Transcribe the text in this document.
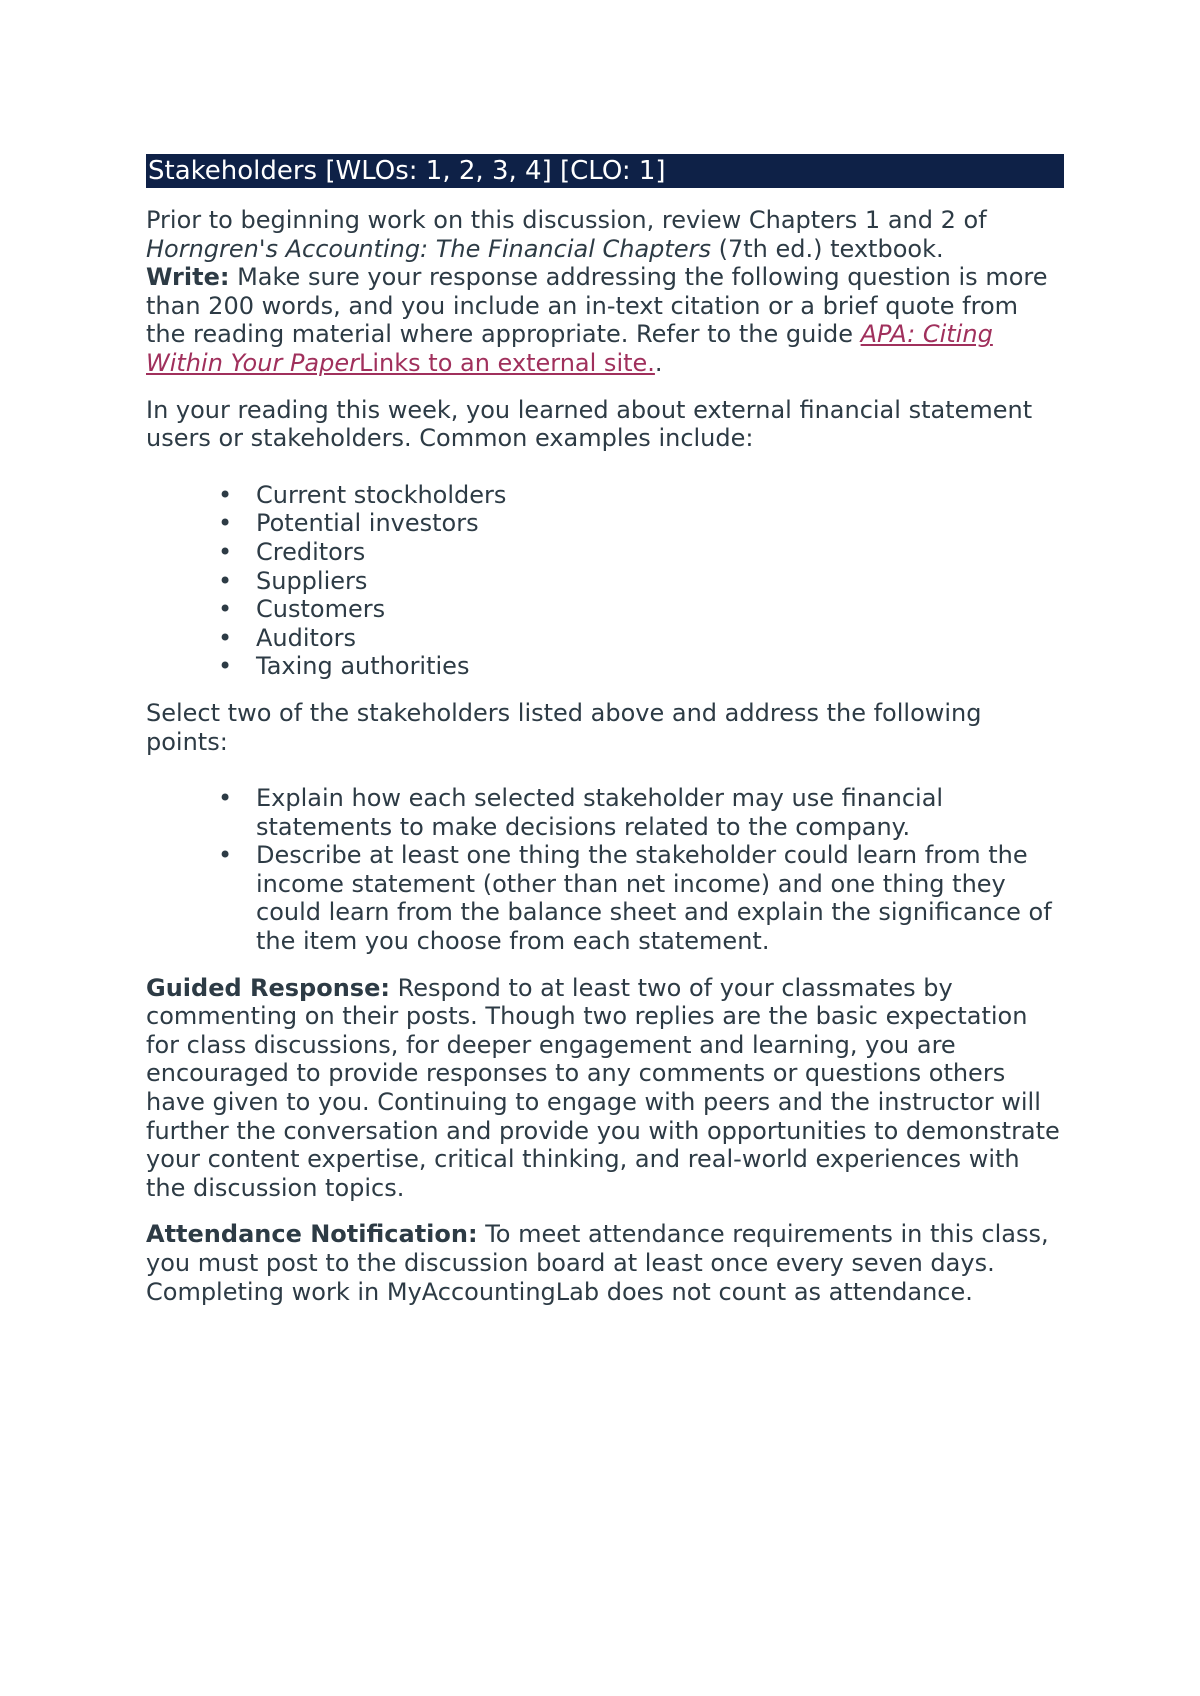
Stakeholders [WLOs: 1, 2, 3, 4] [CLO: 1]

Prior to beginning work on this discussion, review Chapters 1 and 2 of Horngren's Accounting: The Financial Chapters (7th ed.) textbook.
Write: Make sure your response addressing the following question is more than 200 words, and you include an in-text citation or a brief quote from the reading material where appropriate. Refer to the guide APA: Citing Within Your PaperLinks to an external site..

In your reading this week, you learned about external financial statement users or stakeholders. Common examples include:

• Current stockholders
• Potential investors
• Creditors
• Suppliers
• Customers
• Auditors
• Taxing authorities

Select two of the stakeholders listed above and address the following points:

• Explain how each selected stakeholder may use financial statements to make decisions related to the company.
• Describe at least one thing the stakeholder could learn from the income statement (other than net income) and one thing they could learn from the balance sheet and explain the significance of the item you choose from each statement.

Guided Response: Respond to at least two of your classmates by commenting on their posts. Though two replies are the basic expectation for class discussions, for deeper engagement and learning, you are encouraged to provide responses to any comments or questions others have given to you. Continuing to engage with peers and the instructor will further the conversation and provide you with opportunities to demonstrate your content expertise, critical thinking, and real-world experiences with the discussion topics.

Attendance Notification: To meet attendance requirements in this class, you must post to the discussion board at least once every seven days. Completing work in MyAccountingLab does not count as attendance.
